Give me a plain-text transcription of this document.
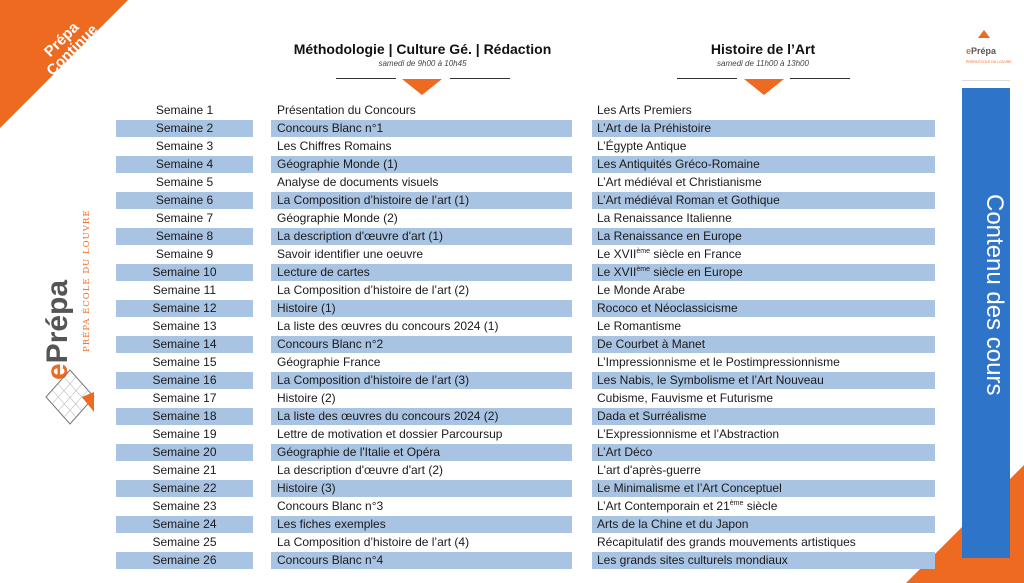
Prépa Continue
ePrépa PRÉPA ÉCOLE DU LOUVRE
ePrépa
PRÉPA ÉCOLE DU LOUVRE
Contenu des cours
Méthodologie | Culture Gé. | Rédaction
samedi de 9h00 à 10h45
Histoire de l’Art
samedi de 11h00 à 13h00
Semaine 1	Présentation du Concours	Les Arts Premiers
Semaine 2	Concours Blanc n°1	L’Art de la Préhistoire
Semaine 3	Les Chiffres Romains	L’Égypte Antique
Semaine 4	Géographie Monde (1)	Les Antiquités Gréco-Romaine
Semaine 5	Analyse de documents visuels	L’Art médiéval et Christianisme
Semaine 6	La Composition d’histoire de l’art (1)	L’Art médiéval Roman et Gothique
Semaine 7	Géographie Monde (2)	La Renaissance Italienne
Semaine 8	La description d'œuvre d'art (1)	La Renaissance en Europe
Semaine 9	Savoir identifier une oeuvre	Le XVIIème siècle en France
Semaine 10	Lecture de cartes	Le XVIIème siècle en Europe
Semaine 11	La Composition d’histoire de l’art (2)	Le Monde Arabe
Semaine 12	Histoire (1)	Rococo et Néoclassicisme
Semaine 13	La liste des œuvres du concours 2024 (1)	Le Romantisme
Semaine 14	Concours Blanc n°2	De Courbet à Manet
Semaine 15	Géographie France	L’Impressionnisme et le Postimpressionnisme
Semaine 16	La Composition d’histoire de l’art (3)	Les Nabis, le Symbolisme et l’Art Nouveau
Semaine 17	Histoire (2)	Cubisme, Fauvisme et Futurisme
Semaine 18	La liste des œuvres du concours 2024 (2)	Dada et Surréalisme
Semaine 19	Lettre de motivation et dossier Parcoursup	L’Expressionnisme et l’Abstraction
Semaine 20	Géographie de l'Italie et Opéra	L’Art Déco
Semaine 21	La description d'œuvre d'art (2)	L'art d'après-guerre
Semaine 22	Histoire (3)	Le Minimalisme et l’Art Conceptuel
Semaine 23	Concours Blanc n°3	L’Art Contemporain et 21ème siècle
Semaine 24	Les fiches exemples	Arts de la Chine et du Japon
Semaine 25	La Composition d’histoire de l’art (4)	Récapitulatif des grands mouvements artistiques
Semaine 26	Concours Blanc n°4	Les grands sites culturels mondiaux
